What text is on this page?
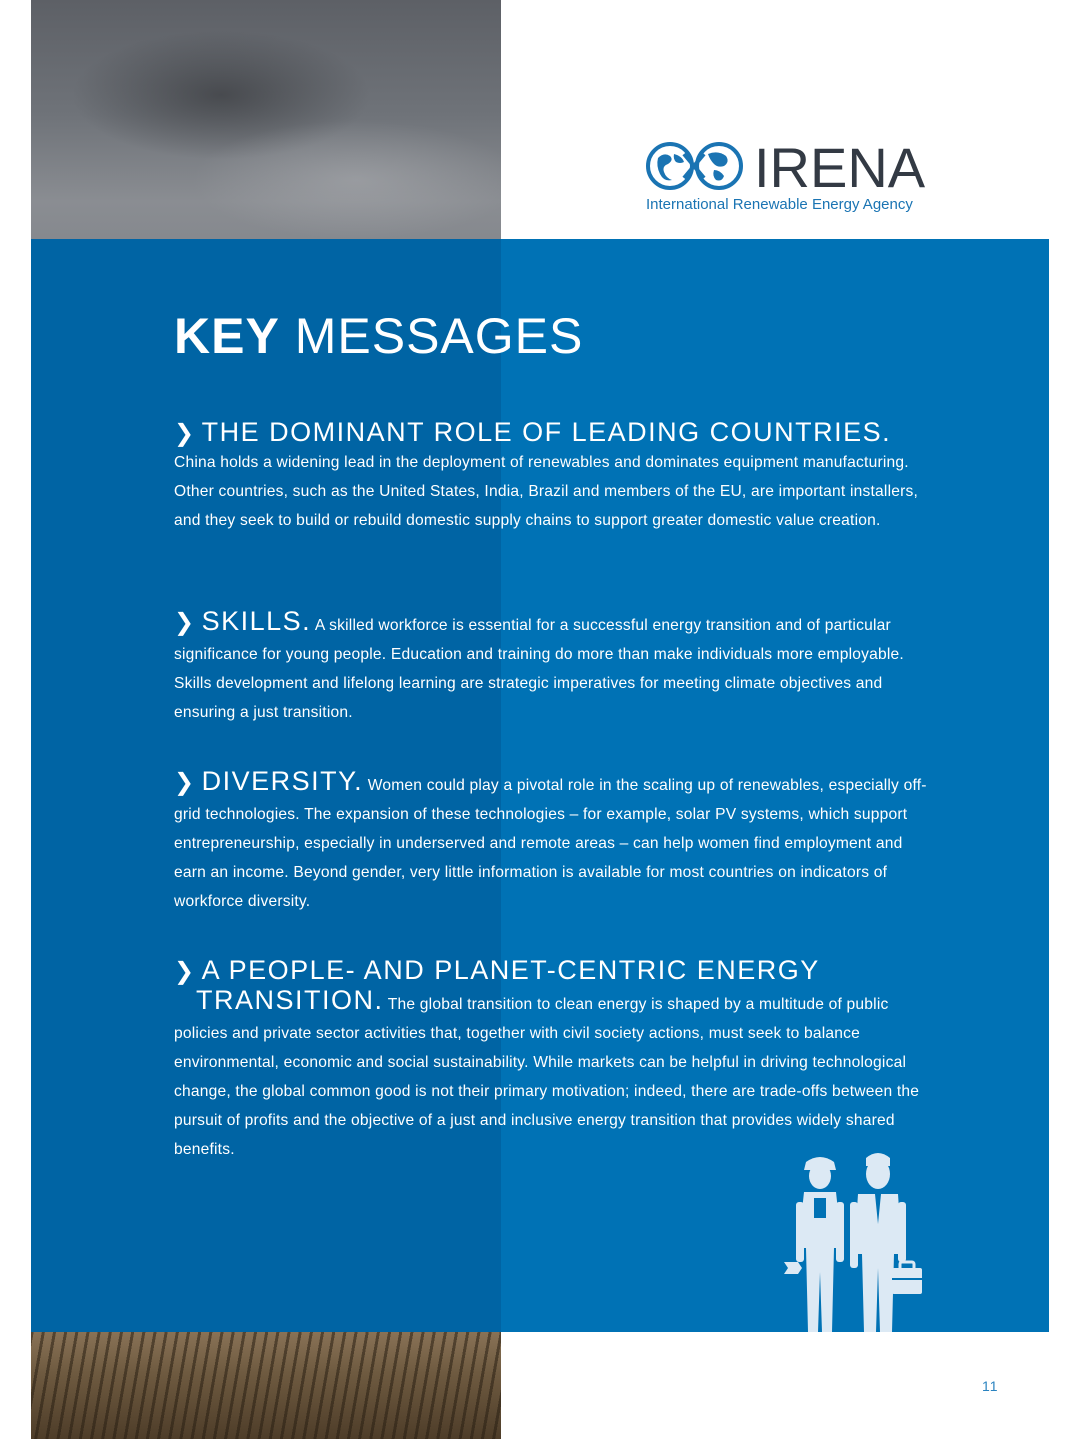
IRENA
International Renewable Energy Agency
KEY MESSAGES

❯ THE DOMINANT ROLE OF LEADING COUNTRIES.

China holds a widening lead in the deployment of renewables and dominates equipment manufacturing. Other countries, such as the United States, India, Brazil and members of the EU, are important installers, and they seek to build or rebuild domestic supply chains to support greater domestic value creation.

❯ SKILLS. A skilled workforce is essential for a successful energy transition and of particular significance for young people. Education and training do more than make individuals more employable. Skills development and lifelong learning are strategic imperatives for meeting climate objectives and ensuring a just transition.

❯ DIVERSITY. Women could play a pivotal role in the scaling up of renewables, especially off-grid technologies. The expansion of these technologies – for example, solar PV systems, which support entrepreneurship, especially in underserved and remote areas – can help women find employment and earn an income. Beyond gender, very little information is available for most countries on indicators of workforce diversity.

❯ A PEOPLE- AND PLANET-CENTRIC ENERGY

TRANSITION. The global transition to clean energy is shaped by a multitude of public policies and private sector activities that, together with civil society actions, must seek to balance environmental, economic and social sustainability. While markets can be helpful in driving technological change, the global common good is not their primary motivation; indeed, there are trade-offs between the pursuit of profits and the objective of a just and inclusive energy transition that provides widely shared benefits.

11
